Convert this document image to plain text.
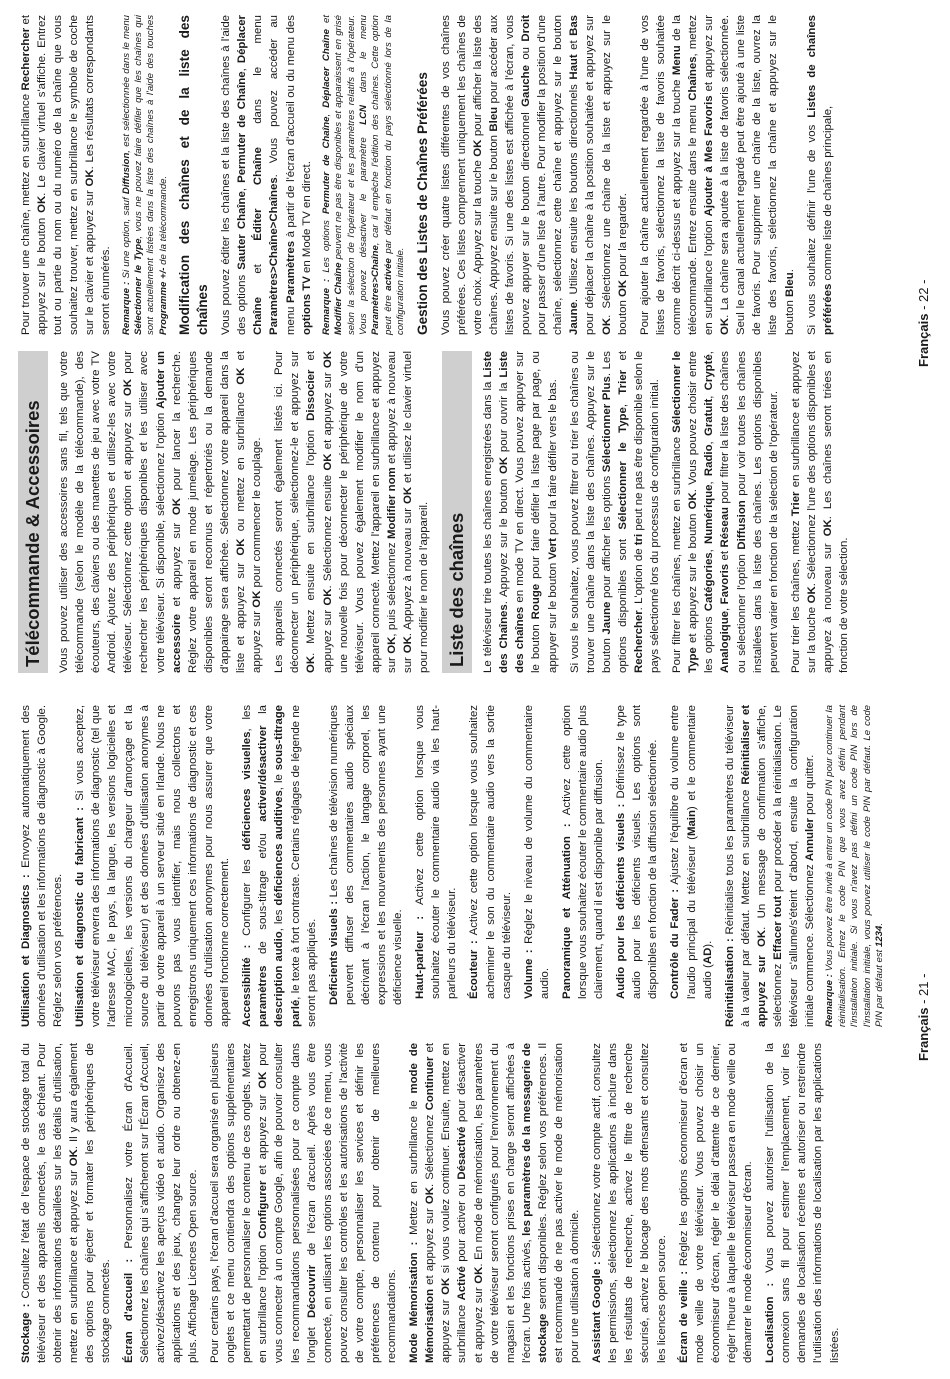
Stockage : Consultez l'état de l'espace de stockage total du téléviseur et des appareils connectés, le cas échéant. Pour obtenir des informations détaillées sur les détails d'utilisation, mettez en surbrillance et appuyez sur OK. Il y aura également des options pour éjecter et formater les périphériques de stockage connectés. Écran d'accueil : Personnalisez votre Écran d'Accueil. Sélectionnez les chaînes qui s'afficheront sur l'Écran d'Accueil, activez/désactivez les aperçus vidéo et audio. Organisez des applications et des jeux, changez leur ordre ou obtenez-en plus. Affichage Licences Open source. Pour certains pays, l'écran d'accueil sera organisé en plusieurs onglets et ce menu contiendra des options supplémentaires permettant de personnaliser le contenu de ces onglets. Mettez en surbrillance l'option Configurer et appuyez sur OK pour vous connecter à un compte Google, afin de pouvoir consulter les recommandations personnalisées pour ce compte dans l'onglet Découvrir de l'écran d'accueil. Après vous être connecté, en utilisant les options associées de ce menu, vous pouvez consulter les contrôles et les autorisations de l'activité de votre compte, personnaliser les services et définir les préférences de contenu pour obtenir de meilleures recommandations. Mode Mémorisation : Mettez en surbrillance le mode de Mémorisation et appuyez sur OK. Sélectionnez Continuer et appuyez sur OK si vous voulez continuer. Ensuite, mettez en surbrillance Activé pour activer ou Désactivé pour désactiver et appuyez sur OK. En mode de mémorisation, les paramètres de votre téléviseur seront configurés pour l'environnement du magasin et les fonctions prises en charge seront affichées à l'écran. Une fois activés, les paramètres de la messagerie de stockage seront disponibles. Réglez selon vos préférences. Il est recommandé de ne pas activer le mode de mémorisation pour une utilisation à domicile. Assistant Google : Sélectionnez votre compte actif, consultez les permissions, sélectionnez les applications à inclure dans les résultats de recherche, activez le filtre de recherche sécurisé, activez le blocage des mots offensants et consultez les licences open source. Écran de veille : Réglez les options économiseur d'écran et mode veille de votre téléviseur. Vous pouvez choisir un économiseur d'écran, régler le délai d'attente de ce dernier, régler l'heure à laquelle le téléviseur passera en mode veille ou démarrer le mode économiseur d'écran. Localisation : Vous pouvez autoriser l'utilisation de la connexion sans fil pour estimer l'emplacement, voir les demandes de localisation récentes et autoriser ou restreindre l'utilisation des informations de localisation par les applications listées.

Utilisation et Diagnostics : Envoyez automatiquement des données d'utilisation et les informations de diagnostic à Google. Réglez selon vos préférences. Utilisation et diagnostic du fabricant : Si vous acceptez, votre téléviseur enverra des informations de diagnostic (tel que l'adresse MAC, le pays, la langue, les versions logicielles et micrologicielles, les versions du chargeur d'amorçage et la source du téléviseur) et des données d'utilisation anonymes à partir de votre appareil à un serveur situé en Irlande. Nous ne pouvons pas vous identifier, mais nous collectons et enregistrons uniquement ces informations de diagnostic et ces données d'utilisation anonymes pour nous assurer que votre appareil fonctionne correctement. Accessibilité : Configurer les déficiences visuelles, les paramètres de sous-titrage et/ou activer/désactiver la description audio, les déficiences auditives, le sous-titrage parlé, le texte à fort contraste. Certains réglages de légende ne seront pas appliqués. Déficients visuels : Les chaînes de télévision numériques peuvent diffuser des commentaires audio spéciaux décrivant à l'écran l'action, le langage corporel, les expressions et les mouvements des personnes ayant une déficience visuelle. Haut-parleur : Activez cette option lorsque vous souhaitez écouter le commentaire audio via les haut-parleurs du téléviseur. Écouteur : Activez cette option lorsque vous souhaitez acheminer le son du commentaire audio vers la sortie casque du téléviseur. Volume : Réglez le niveau de volume du commentaire audio. Panoramique et Atténuation : Activez cette option lorsque vous souhaitez écouter le commentaire audio plus clairement, quand il est disponible par diffusion. Audio pour les déficients visuels : Définissez le type audio pour les déficients visuels. Les options sont disponibles en fonction de la diffusion sélectionnée. Contrôle du Fader : Ajustez l'équilibre du volume entre l'audio principal du téléviseur (Main) et le commentaire audio (AD). Réinitialisation : Réinitialise tous les paramètres du téléviseur à la valeur par défaut. Mettez en surbrillance Réinitialiser et appuyez sur OK. Un message de confirmation s'affiche, sélectionnez Effacer tout pour procéder à la réinitialisation. Le téléviseur s'allume/s'éteint d'abord, ensuite la configuration initiale commence. Sélectionnez Annuler pour quitter.

Remarque : Vous pouvez être invité à entrer un code PIN pour continuer la réinitialisation. Entrez le code PIN que vous avez défini pendant l'installation initiale. Si vous n'avez pas défini un code PIN lors de l'installation initiale, vous pouvez utiliser le code PIN par défaut. Le code PIN par défaut est 1234.

Français - 21 -
Télécommande & Accessoires	Vous pouvez utiliser des accessoires sans fil, tels que votre télécommande (selon le modèle de la télécommande), des écouteurs, des claviers ou des manettes de jeu avec votre TV Android. Ajoutez des périphériques et utilisez-les avec votre téléviseur. Sélectionnez cette option et appuyez sur OK pour rechercher les périphériques disponibles et les utiliser avec votre téléviseur. Si disponible, sélectionnez l'option Ajouter un accessoire et appuyez sur OK pour lancer la recherche. Réglez votre appareil en mode jumelage. Les périphériques disponibles seront reconnus et répertoriés ou la demande d'appairage sera affichée. Sélectionnez votre appareil dans la liste et appuyez sur OK ou mettez en surbrillance OK et appuyez sur OK pour commencer le couplage. Les appareils connectés seront également listés ici. Pour déconnecter un périphérique, sélectionnez-le et appuyez sur OK. Mettez ensuite en surbrillance l'option Dissocier et appuyez sur OK. Sélectionnez ensuite OK et appuyez sur OK une nouvelle fois pour déconnecter le périphérique de votre téléviseur. Vous pouvez également modifier le nom d'un appareil connecté. Mettez l'appareil en surbrillance et appuyez sur OK, puis sélectionnez Modifier nom et appuyez à nouveau sur OK. Appuyez à nouveau sur OK et utilisez le clavier virtuel pour modifier le nom de l'appareil. Liste des chaînes	Le téléviseur trie toutes les chaînes enregistrées dans la Liste des Chaînes. Appuyez sur le bouton OK pour ouvrir la Liste des chaînes en mode TV en direct. Vous pouvez appuyer sur le bouton Rouge pour faire défiler la liste page par page, ou appuyer sur le bouton Vert pour la faire défiler vers le bas. Si vous le souhaitez, vous pouvez filtrer ou trier les chaînes ou trouver une chaîne dans la liste des chaînes. Appuyez sur le bouton Jaune pour afficher les options Sélectionner Plus. Les options disponibles sont Sélectionner le Type, Trier et Rechercher. L'option de tri peut ne pas être disponible selon le pays sélectionné lors du processus de configuration initial. Pour filtrer les chaînes, mettez en surbrillance Sélectionner le Type et appuyez sur le bouton OK. Vous pouvez choisir entre les options Catégories, Numérique, Radio, Gratuit, Crypté, Analogique, Favoris et Réseau pour filtrer la liste des chaînes ou sélectionner l'option Diffusion pour voir toutes les chaînes installées dans la liste des chaînes. Les options disponibles peuvent varier en fonction de la sélection de l'opérateur. Pour trier les chaînes, mettez Trier en surbrillance et appuyez sur la touche OK. Sélectionnez l'une des options disponibles et appuyez à nouveau sur OK. Les chaînes seront triées en fonction de votre sélection.

Pour trouver une chaîne, mettez en surbrillance Rechercher et appuyez sur le bouton OK. Le clavier virtuel s'affiche. Entrez tout ou partie du nom ou du numéro de la chaîne que vous souhaitez trouver, mettez en surbrillance le symbole de coche sur le clavier et appuyez sur OK. Les résultats correspondants seront énumérés. Remarque : Si une option, sauf Diffusion, est sélectionnée dans le menu Sélectionner le Type, vous ne pouvez faire défiler que les chaînes qui sont actuellement listées dans la liste des chaînes à l'aide des touches Programme +/- de la télécommande. Modification des chaînes et de la liste des chaînes Vous pouvez éditer les chaînes et la liste des chaînes à l'aide des options Sauter Chaîne, Permuter de Chaîne, Déplacer Chaîne et Éditer Chaîne dans le menu Paramètres>Chaîne>Chaînes. Vous pouvez accéder au menu Paramètres à partir de l'écran d'accueil ou du menu des options TV en Mode TV en direct.

Remarque : Les options Permuter de Chaîne, Déplacer Chaîne et Modifier Chaîne peuvent ne pas être disponibles et apparaissent en grisé selon la sélection de l'opérateur et les paramètres relatifs à l'opérateur. Vous pouvez désactiver le paramètre LCN dans le menu Paramètres>Chaîne, car il empêche l'édition des chaînes. Cette option peut être activée par défaut en fonction du pays sélectionné lors de la configuration initiale. Gestion des Listes de Chaînes Préférées Vous pouvez créer quatre listes différentes de vos chaînes préférées. Ces listes comprennent uniquement les chaînes de votre choix. Appuyez sur la touche OK pour afficher la liste des chaînes. Appuyez ensuite sur le bouton Bleu pour accéder aux listes de favoris. Si une des listes est affichée à l'écran, vous pouvez appuyer sur le bouton directionnel Gauche ou Droit pour passer d'une liste à l'autre. Pour modifier la position d'une chaîne, sélectionnez cette chaîne et appuyez sur le bouton Jaune. Utilisez ensuite les boutons directionnels Haut et Bas pour déplacer la chaîne à la position souhaitée et appuyez sur OK. Sélectionnez une chaîne de la liste et appuyez sur le bouton OK pour la regarder. Pour ajouter la chaîne actuellement regardée à l'une de vos listes de favoris, sélectionnez la liste de favoris souhaitée comme décrit ci-dessus et appuyez sur la touche Menu de la télécommande. Entrez ensuite dans le menu Chaînes, mettez en surbrillance l'option Ajouter à Mes Favoris et appuyez sur OK. La chaîne sera ajoutée à la liste de favoris sélectionnée. Seul le canal actuellement regardé peut être ajouté à une liste de favoris. Pour supprimer une chaîne de la liste, ouvrez la liste des favoris, sélectionnez la chaîne et appuyez sur le bouton Bleu. Si vous souhaitez définir l'une de vos Listes de chaînes préférées comme liste de chaînes principale,

Français - 22 -
